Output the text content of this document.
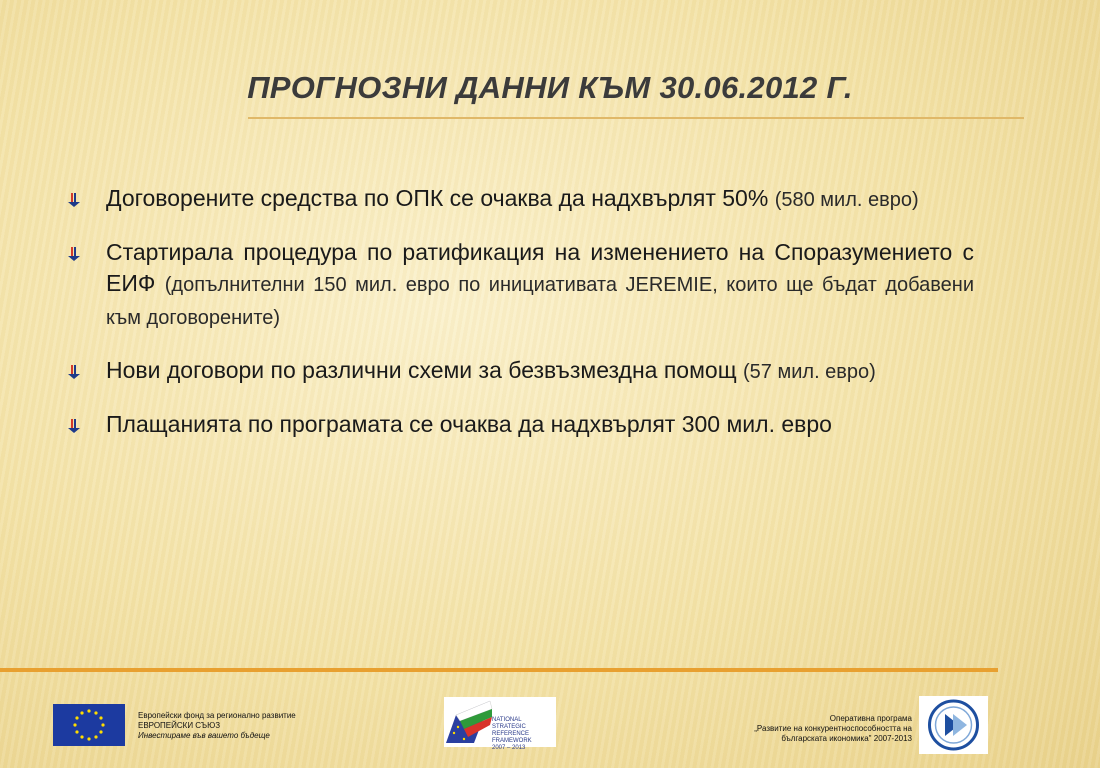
ПРОГНОЗНИ ДАННИ КЪМ 30.06.2012 Г.
Договорените средства по ОПК се очаква да надхвърлят 50% (580 мил. евро)
Стартирала процедура по ратификация на изменението на Споразумението с ЕИФ (допълнителни 150 мил. евро по инициативата JEREMIE, които ще бъдат добавени към договорените)
Нови договори по различни схеми за безвъзмездна помощ (57 мил. евро)
Плащанията по програмата се очаква да надхвърлят 300 мил. евро
Европейски фонд за регионално развитие
ЕВРОПЕЙСКИ СЪЮЗ
Инвестираме във вашето бъдеще
NATIONAL
STRATEGIC
REFERENCE FRAMEWORK
2007 – 2013
Оперативна програма
„Развитие на конкурентноспособността на
българската икономика" 2007-2013
